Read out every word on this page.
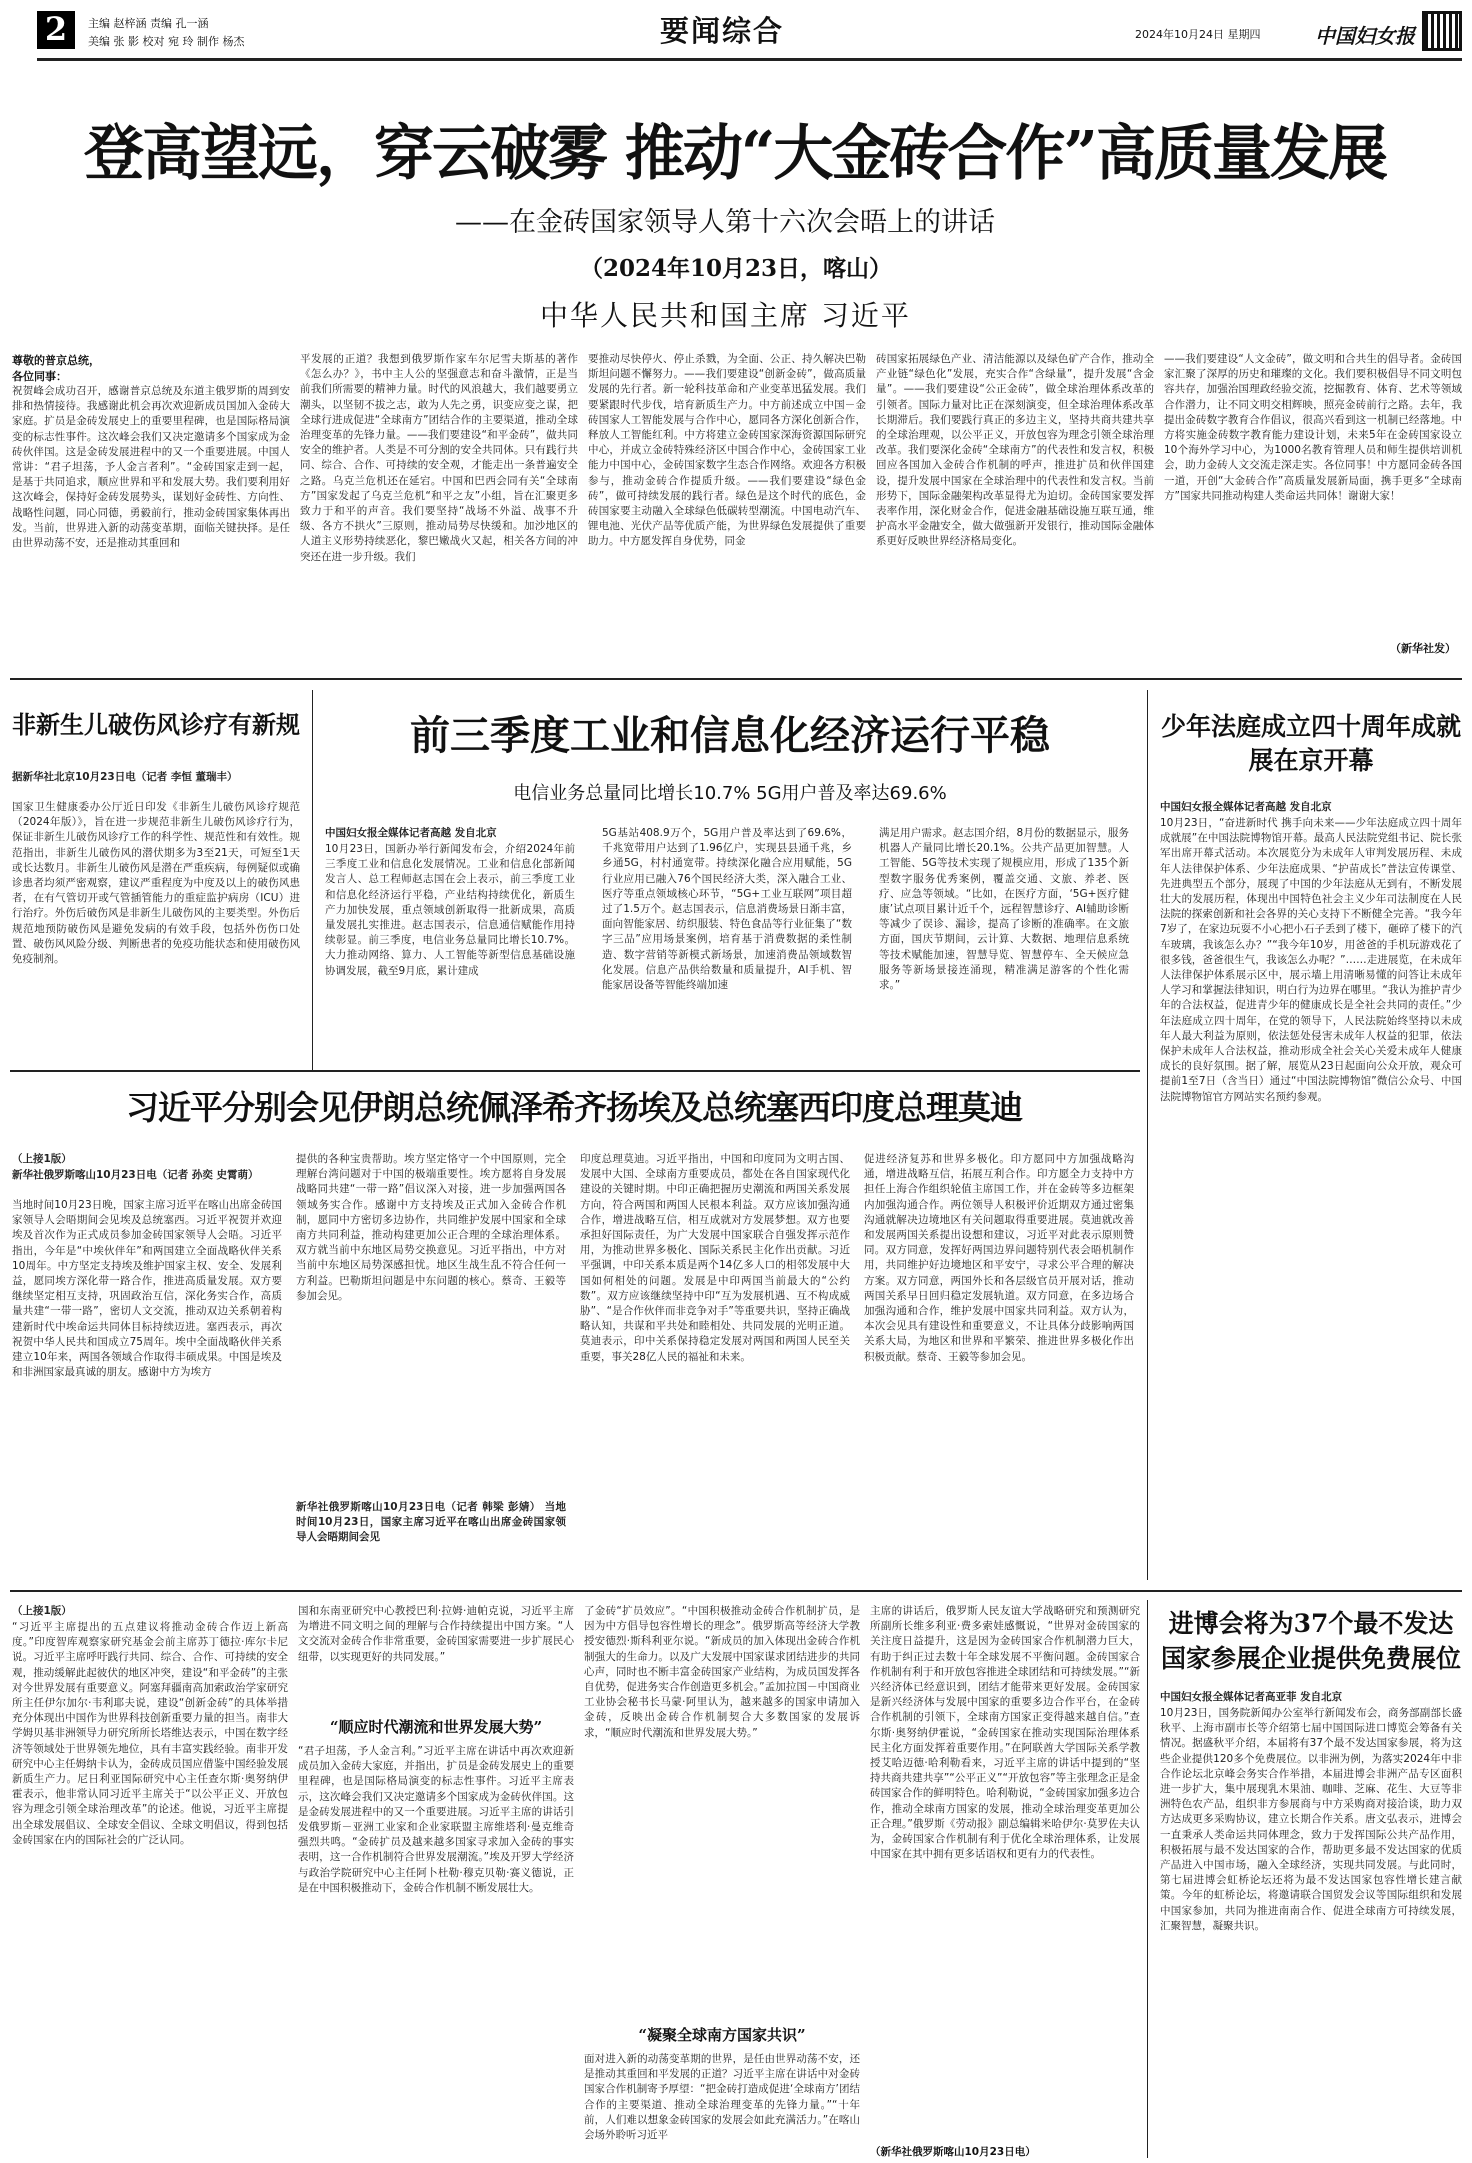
2	主编 赵梓涵 责编 孔一涵
美编 张 影 校对 宛 玲 制作 杨杰	要闻综合	2024年10月24日 星期四	中国妇女报
登高望远，穿云破雾 推动“大金砖合作”高质量发展
——在金砖国家领导人第十六次会晤上的讲话
（2024年10月23日，喀山）
中华人民共和国主席 习近平
尊敬的普京总统，
各位同事：
祝贺峰会成功召开，感谢普京总统及东道主俄罗斯的周到安排和热情接待。我感谢此机会再次欢迎新成员国加入金砖大家庭。扩员是金砖发展史上的重要里程碑，也是国际格局演变的标志性事件。这次峰会我们又决定邀请多个国家成为金砖伙伴国。这是金砖发展进程中的又一个重要进展。中国人常讲：“君子坦荡，予人金言者利”。“金砖国家走到一起，是基于共同追求，顺应世界和平和发展大势。我们要利用好这次峰会，保持好金砖发展势头，谋划好金砖性、方向性、战略性问题，同心同德，勇毅前行，推动金砖国家集体再出发。当前，世界进入新的动荡变革期，面临关键抉择。是任由世界动荡不安，还是推动其重回和
平发展的正道？我想到俄罗斯作家车尔尼雪夫斯基的著作《怎么办？》，书中主人公的坚强意志和奋斗激情，正是当前我们所需要的精神力量。时代的风浪越大，我们越要勇立潮头，以坚韧不拔之志，敢为人先之勇，识变应变之谋，把全球行进成促进“全球南方”团结合作的主要渠道，推动全球治理变革的先锋力量。——我们要建设“和平金砖”，做共同安全的维护者。人类是不可分割的安全共同体。只有践行共同、综合、合作、可持续的安全观，才能走出一条普遍安全之路。乌克兰危机还在延宕。中国和巴西会同有关“全球南方”国家发起了乌克兰危机“和平之友”小组，旨在汇聚更多致力于和平的声音。我们要坚持“战场不外溢、战事不升级、各方不拱火”三原则，推动局势尽快缓和。加沙地区的人道主义形势持续恶化，黎巴嫩战火又起，相关各方间的冲突还在进一步升级。我们
要推动尽快停火、停止杀戮，为全面、公正、持久解决巴勒斯坦问题不懈努力。——我们要建设“创新金砖”，做高质量发展的先行者。新一轮科技革命和产业变革迅猛发展。我们要紧跟时代步伐，培育新质生产力。中方前述成立中国－金砖国家人工智能发展与合作中心，愿同各方深化创新合作，释放人工智能红利。中方将建立金砖国家深海资源国际研究中心，并成立金砖特殊经济区中国合作中心，金砖国家工业能力中国中心，金砖国家数字生态合作网络。欢迎各方积极参与，推动金砖合作提质升级。——我们要建设“绿色金砖”，做可持续发展的践行者。绿色是这个时代的底色，金砖国家要主动融入全球绿色低碳转型潮流。中国电动汽车、锂电池、光伏产品等优质产能，为世界绿色发展提供了重要助力。中方愿发挥自身优势，同金
砖国家拓展绿色产业、清洁能源以及绿色矿产合作，推动全产业链“绿色化”发展，充实合作“含绿量”，提升发展“含金量”。——我们要建设“公正金砖”，做全球治理体系改革的引领者。国际力量对比正在深刻演变，但全球治理体系改革长期滞后。我们要践行真正的多边主义，坚持共商共建共享的全球治理观，以公平正义，开放包容为理念引领全球治理改革。我们要深化金砖“全球南方”的代表性和发言权，积极回应各国加入金砖合作机制的呼声，推进扩员和伙伴国建设，提升发展中国家在全球治理中的代表性和发言权。当前形势下，国际金融架构改革显得尤为迫切。金砖国家要发挥表率作用，深化财金合作，促进金融基础设施互联互通，维护高水平金融安全，做大做强新开发银行，推动国际金融体系更好反映世界经济格局变化。
——我们要建设“人文金砖”，做文明和合共生的倡导者。金砖国家汇聚了深厚的历史和璀璨的文化。我们要积极倡导不同文明包容共存，加强治国理政经验交流，挖掘教育、体育、艺术等领域合作潜力，让不同文明交相辉映，照亮金砖前行之路。去年，我提出金砖数字教育合作倡议，很高兴看到这一机制已经落地。中方将实施金砖数字教育能力建设计划，未来5年在金砖国家设立10个海外学习中心，为1000名教育管理人员和师生提供培训机会，助力金砖人文交流走深走实。各位同事！中方愿同金砖各国一道，开创“大金砖合作”高质量发展新局面，携手更多“全球南方”国家共同推动构建人类命运共同体！谢谢大家！
（新华社发）
非新生儿破伤风诊疗有新规
据新华社北京10月23日电（记者 李恒 董瑞丰）
国家卫生健康委办公厅近日印发《非新生儿破伤风诊疗规范（2024年版）》，旨在进一步规范非新生儿破伤风诊疗行为，保证非新生儿破伤风诊疗工作的科学性、规范性和有效性。规范指出，非新生儿破伤风的潜伏期多为3至21天，可短至1天或长达数月。非新生儿破伤风是潜在严重疾病，每例疑似或确诊患者均须严密观察，建议严重程度为中度及以上的破伤风患者，在有气管切开或气管插管能力的重症监护病房（ICU）进行治疗。外伤后破伤风是非新生儿破伤风的主要类型。外伤后规范地预防破伤风是避免发病的有效手段，包括外伤伤口处置、破伤风风险分级、判断患者的免疫功能状态和使用破伤风免疫制剂。
前三季度工业和信息化经济运行平稳
电信业务总量同比增长10.7% 5G用户普及率达69.6%
中国妇女报全媒体记者高越 发自北京
10月23日，国新办举行新闻发布会，介绍2024年前三季度工业和信息化发展情况。工业和信息化部新闻发言人、总工程师赵志国在会上表示，前三季度工业和信息化经济运行平稳，产业结构持续优化，新质生产力加快发展，重点领域创新取得一批新成果，高质量发展扎实推进。赵志国表示，信息通信赋能作用持续彰显。前三季度，电信业务总量同比增长10.7%。大力推动网络、算力、人工智能等新型信息基础设施协调发展，截至9月底，累计建成
5G基站408.9万个，5G用户普及率达到了69.6%，千兆宽带用户达到了1.96亿户，实现县县通千兆，乡乡通5G，村村通宽带。持续深化融合应用赋能，5G行业应用已融入76个国民经济大类，深入融合工业、医疗等重点领域核心环节，“5G+工业互联网”项目超过了1.5万个。赵志国表示，信息消费场景日渐丰富，面向智能家居、纺织服装、特色食品等行业征集了“数字三品”应用场景案例，培育基于消费数据的柔性制造、数字营销等新模式新场景，加速消费品领域数智化发展。信息产品供给数量和质量提升，AI手机、智能家居设备等智能终端加速
满足用户需求。赵志国介绍，8月份的数据显示，服务机器人产量同比增长20.1%。公共产品更加智慧。人工智能、5G等技术实现了规模应用，形成了135个新型数字服务优秀案例，覆盖交通、文旅、养老、医疗、应急等领域。“比如，在医疗方面，‘5G+医疗健康’试点项目累计近千个，远程智慧诊疗、AI辅助诊断等减少了误诊、漏诊，提高了诊断的准确率。在文旅方面，国庆节期间，云计算、大数据、地理信息系统等技术赋能加速，智慧导览、智慧停车、全天候应急服务等新场景接连涌现，精准满足游客的个性化需求。”
少年法庭成立四十周年成就展在京开幕
中国妇女报全媒体记者高越 发自北京
10月23日，“奋进新时代 携手向未来——少年法庭成立四十周年成就展”在中国法院博物馆开幕。最高人民法院党组书记、院长张军出席开幕式活动。本次展览分为未成年人审判发展历程、未成年人法律保护体系、少年法庭成果、“护苗成长”普法宣传课堂、先进典型五个部分，展现了中国的少年法庭从无到有，不断发展壮大的发展历程，体现出中国特色社会主义少年司法制度在人民法院的探索创新和社会各界的关心支持下不断健全完善。“我今年7岁了，在家边玩耍不小心把小石子丢到了楼下，砸碎了楼下的汽车玻璃，我该怎么办？”“我今年10岁，用爸爸的手机玩游戏花了很多钱，爸爸很生气，我该怎么办呢？”……走进展览，在未成年人法律保护体系展示区中，展示墙上用清晰易懂的问答让未成年人学习和掌握法律知识，明白行为边界在哪里。“我认为推护青少年的合法权益，促进青少年的健康成长是全社会共同的责任。”少年法庭成立四十周年，在党的领导下，人民法院始终坚持以未成年人最大利益为原则，依法惩处侵害未成年人权益的犯罪，依法保护未成年人合法权益，推动形成全社会关心关爱未成年人健康成长的良好氛围。据了解，展览从23日起面向公众开放，观众可提前1至7日（含当日）通过“中国法院博物馆”微信公众号、中国法院博物馆官方网站实名预约参观。
习近平分别会见伊朗总统佩泽希齐扬埃及总统塞西印度总理莫迪
（上接1版）
新华社俄罗斯喀山10月23日电（记者 孙奕 史霄萌）
当地时间10月23日晚，国家主席习近平在喀山出席金砖国家领导人会晤期间会见埃及总统塞西。习近平祝贺并欢迎埃及首次作为正式成员参加金砖国家领导人会晤。习近平指出，今年是“中埃伙伴年”和两国建立全面战略伙伴关系10周年。中方坚定支持埃及维护国家主权、安全、发展利益，愿同埃方深化带一路合作，推进高质量发展。双方要继续坚定相互支持，巩固政治互信，深化务实合作，高质量共建“一带一路”，密切人文交流，推动双边关系朝着构建新时代中埃命运共同体目标持续迈进。塞西表示，再次祝贺中华人民共和国成立75周年。埃中全面战略伙伴关系建立10年来，两国各领域合作取得丰硕成果。中国是埃及和非洲国家最真诚的朋友。感谢中方为埃方
提供的各种宝贵帮助。埃方坚定恪守一个中国原则，完全理解台湾问题对于中国的极端重要性。埃方愿将自身发展战略同共建“一带一路”倡议深入对接，进一步加强两国各领域务实合作。感谢中方支持埃及正式加入金砖合作机制，愿同中方密切多边协作，共同维护发展中国家和全球南方共同利益，推动构建更加公正合理的全球治理体系。双方就当前中东地区局势交换意见。习近平指出，中方对当前中东地区局势深感担忧。地区生战生乱不符合任何一方利益。巴勒斯坦问题是中东问题的核心。蔡奇、王毅等参加会见。
新华社俄罗斯喀山10月23日电（记者 韩梁 彭婧） 当地时间10月23日，国家主席习近平在喀山出席金砖国家领导人会晤期间会见
印度总理莫迪。习近平指出，中国和印度同为文明古国、发展中大国、全球南方重要成员，都处在各自国家现代化建设的关键时期。中印正确把握历史潮流和两国关系发展方向，符合两国和两国人民根本利益。双方应该加强沟通合作，增进战略互信，相互成就对方发展梦想。双方也要承担好国际责任，为广大发展中国家联合自强发挥示范作用，为推动世界多极化、国际关系民主化作出贡献。习近平强调，中印关系本质是两个14亿多人口的相邻发展中大国如何相处的问题。发展是中印两国当前最大的“公约数”。双方应该继续坚持中印“互为发展机遇、互不构成威胁”、“是合作伙伴而非竞争对手”等重要共识，坚持正确战略认知，共谋和平共处和睦相处、共同发展的光明正道。莫迪表示，印中关系保持稳定发展对两国和两国人民至关重要，事关28亿人民的福祉和未来。
促进经济复苏和世界多极化。印方愿同中方加强战略沟通，增进战略互信，拓展互利合作。印方愿全力支持中方担任上海合作组织轮值主席国工作，并在金砖等多边框架内加强沟通合作。两位领导人积极评价近期双方通过密集沟通就解决边境地区有关问题取得重要进展。莫迪就改善和发展两国关系提出设想和建议，习近平对此表示原则赞同。双方同意，发挥好两国边界问题特别代表会晤机制作用，共同维护好边境地区和平安宁，寻求公平合理的解决方案。双方同意，两国外长和各层级官员开展对话，推动两国关系早日回归稳定发展轨道。双方同意，在多边场合加强沟通和合作，维护发展中国家共同利益。双方认为，本次会见具有建设性和重要意义，不让具体分歧影响两国关系大局，为地区和世界和平繁荣、推进世界多极化作出积极贡献。蔡奇、王毅等参加会见。
（上接1版）
“习近平主席提出的五点建议将推动金砖合作迈上新高度。”印度智库观察家研究基金会前主席苏丁德拉·库尔卡尼说。习近平主席呼吁践行共同、综合、合作、可持续的安全观，推动缓解此起彼伏的地区冲突，建设“和平金砖”的主张对今世界发展有重要意义。阿塞拜疆南高加索政治学家研究所主任伊尔加尔·韦利耶夫说，建设“创新金砖”的具体举措充分体现出中国作为世界科技创新重要力量的担当。南非大学姆贝基非洲领导力研究所所长塔维达表示，中国在数字经济等领域处于世界领先地位，具有丰富实践经验。南非开发研究中心主任姆纳卡认为，金砖成员国应借鉴中国经验发展新质生产力。尼日利亚国际研究中心主任查尔斯·奥努纳伊霍表示，他非常认同习近平主席关于“以公平正义、开放包容为理念引领全球治理改革”的论述。他说，习近平主席提出全球发展倡议、全球安全倡议、全球文明倡议，得到包括金砖国家在内的国际社会的广泛认同。
国和东南亚研究中心教授巴利·拉姆·迪帕克说，习近平主席为增进不同文明之间的理解与合作持续提出中国方案。“人文交流对金砖合作非常重要，金砖国家需要进一步扩展民心纽带，以实现更好的共同发展。”
“顺应时代潮流和世界发展大势”
“君子坦荡，予人金言利。”习近平主席在讲话中再次欢迎新成员加入金砖大家庭，并指出，扩员是金砖发展史上的重要里程碑，也是国际格局演变的标志性事件。习近平主席表示，这次峰会我们又决定邀请多个国家成为金砖伙伴国。这是金砖发展进程中的又一个重要进展。习近平主席的讲话引发俄罗斯－亚洲工业家和企业家联盟主席维塔利·曼克维奇强烈共鸣。“金砖扩员及越来越多国家寻求加入金砖的事实表明，这一合作机制符合世界发展潮流。”埃及开罗大学经济与政治学院研究中心主任阿卜杜勒·穆克贝勒·赛义德说，正是在中国积极推动下，金砖合作机制不断发展壮大。
了金砖“扩员效应”。“中国积极推动金砖合作机制扩员，是因为中方倡导包容性增长的理念”。俄罗斯高等经济大学教授安德烈·斯科利亚尔说。“新成员的加入体现出金砖合作机制强大的生命力。以及广大发展中国家谋求团结进步的共同心声，同时也不断丰富金砖国家产业结构，为成员国发挥各自优势，促进务实合作创造更多机会。”孟加拉国－中国商业工业协会秘书长马蒙·阿里认为，越来越多的国家申请加入金砖，反映出金砖合作机制契合大多数国家的发展诉求，“顺应时代潮流和世界发展大势。”
“凝聚全球南方国家共识”
面对进入新的动荡变革期的世界，是任由世界动荡不安，还是推动其重回和平发展的正道？习近平主席在讲话中对金砖国家合作机制寄予厚望：“把金砖打造成促进‘全球南方’团结合作的主要渠道、推动全球治理变革的先锋力量。”“十年前，人们难以想象金砖国家的发展会如此充满活力。”在喀山会场外聆听习近平
主席的讲话后，俄罗斯人民友谊大学战略研究和预测研究所副所长维多利亚·费多索娃感慨说，“世界对金砖国家的关注度日益提升，这是因为金砖国家合作机制潜力巨大，有助于纠正过去数十年全球发展不平衡问题。金砖国家合作机制有利于和开放包容推进全球团结和可持续发展。”“新兴经济体已经意识到，团结才能带来更好发展。金砖国家是新兴经济体与发展中国家的重要多边合作平台，在金砖合作机制的引领下，全球南方国家正变得越来越自信。”查尔斯·奥努纳伊霍说，“金砖国家在推动实现国际治理体系民主化方面发挥着重要作用。”在阿联酋大学国际关系学教授艾哈迈德·哈利勒看来，习近平主席的讲话中提到的“坚持共商共建共享”“公平正义”“开放包容”等主张理念正是金砖国家合作的鲜明特色。哈利勒说，“金砖国家加强多边合作，推动全球南方国家的发展，推动全球治理变革更加公正合理。”俄罗斯《劳动报》副总编辑米哈伊尔·莫罗佐夫认为，金砖国家合作机制有利于优化全球治理体系，让发展中国家在其中拥有更多话语权和更有力的代表性。
（新华社俄罗斯喀山10月23日电）
进博会将为37个最不发达国家参展企业提供免费展位
中国妇女报全媒体记者高亚菲 发自北京
10月23日，国务院新闻办公室举行新闻发布会，商务部副部长盛秋平、上海市副市长等介绍第七届中国国际进口博览会筹备有关情况。据盛秋平介绍，本届将有37个最不发达国家参展，将为这些企业提供120多个免费展位。以非洲为例，为落实2024年中非合作论坛北京峰会务实合作举措，本届进博会非洲产品专区面积进一步扩大，集中展现乳木果油、咖啡、芝麻、花生、大豆等非洲特色农产品，组织非方参展商与中方采购商对接洽谈，助力双方达成更多采购协议，建立长期合作关系。唐文弘表示，进博会一直秉承人类命运共同体理念，致力于发挥国际公共产品作用，积极拓展与最不发达国家的合作，帮助更多最不发达国家的优质产品进入中国市场，融入全球经济，实现共同发展。与此同时，第七届进博会虹桥论坛还将为最不发达国家包容性增长建言献策。今年的虹桥论坛，将邀请联合国贸发会议等国际组织和发展中国家参加，共同为推进南南合作、促进全球南方可持续发展，汇聚智慧，凝聚共识。
